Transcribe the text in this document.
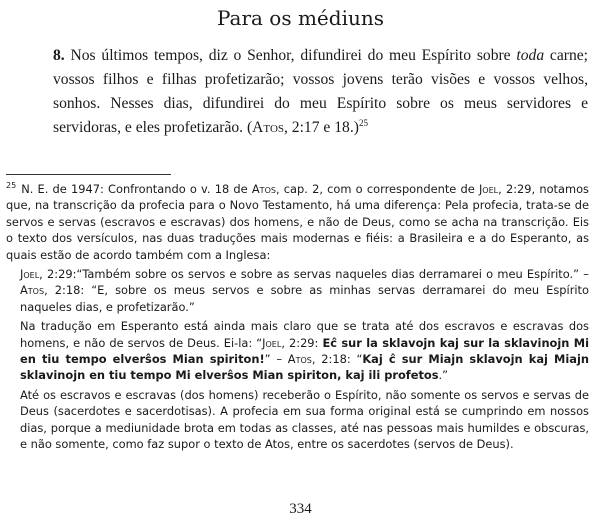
Para os médiuns

8. Nos últimos tempos, diz o Senhor, difundirei do meu Espírito sobre toda carne; vossos filhos e filhas profetizarão; vossos jovens terão visões e vossos velhos, sonhos. Nesses dias, difundirei do meu Espírito sobre os meus servidores e servidoras, e eles profetizarão. (Atos, 2:17 e 18.)$^{25}$

$^{25}$ N. E. de 1947: Confrontando o v. 18 de Atos, cap. 2, com o correspondente de Joel, 2:29, notamos que, na transcrição da profecia para o Novo Testamento, há uma diferença: Pela profecia, trata-se de servos e servas (escravos e escravas) dos homens, e não de Deus, como se acha na transcrição. Eis o texto dos versículos, nas duas traduções mais modernas e fiéis: a Brasileira e a do Esperanto, as quais estão de acordo também com a Inglesa:

Joel, 2:29:“Também sobre os servos e sobre as servas naqueles dias derramarei o meu Espírito.” – Atos, 2:18: “E, sobre os meus servos e sobre as minhas servas derramarei do meu Espírito naqueles dias, e profetizarão.”

Na tradução em Esperanto está ainda mais claro que se trata até dos escravos e escravas dos homens, e não de servos de Deus. Ei-la: “Joel, 2:29: Eĉ sur la sklavojn kaj sur la sklavinojn Mi en tiu tempo elverŝos Mian spiriton!” – Atos, 2:18: “Kaj ĉ sur Miajn sklavojn kaj Miajn sklavinojn en tiu tempo Mi elverŝos Mian spiriton, kaj ili profetos.”

Até os escravos e escravas (dos homens) receberão o Espírito, não somente os servos e servas de Deus (sacerdotes e sacerdotisas). A profecia em sua forma original está se cumprindo em nossos dias, porque a mediunidade brota em todas as classes, até nas pessoas mais humildes e obscuras, e não somente, como faz supor o texto de Atos, entre os sacerdotes (servos de Deus).

334
